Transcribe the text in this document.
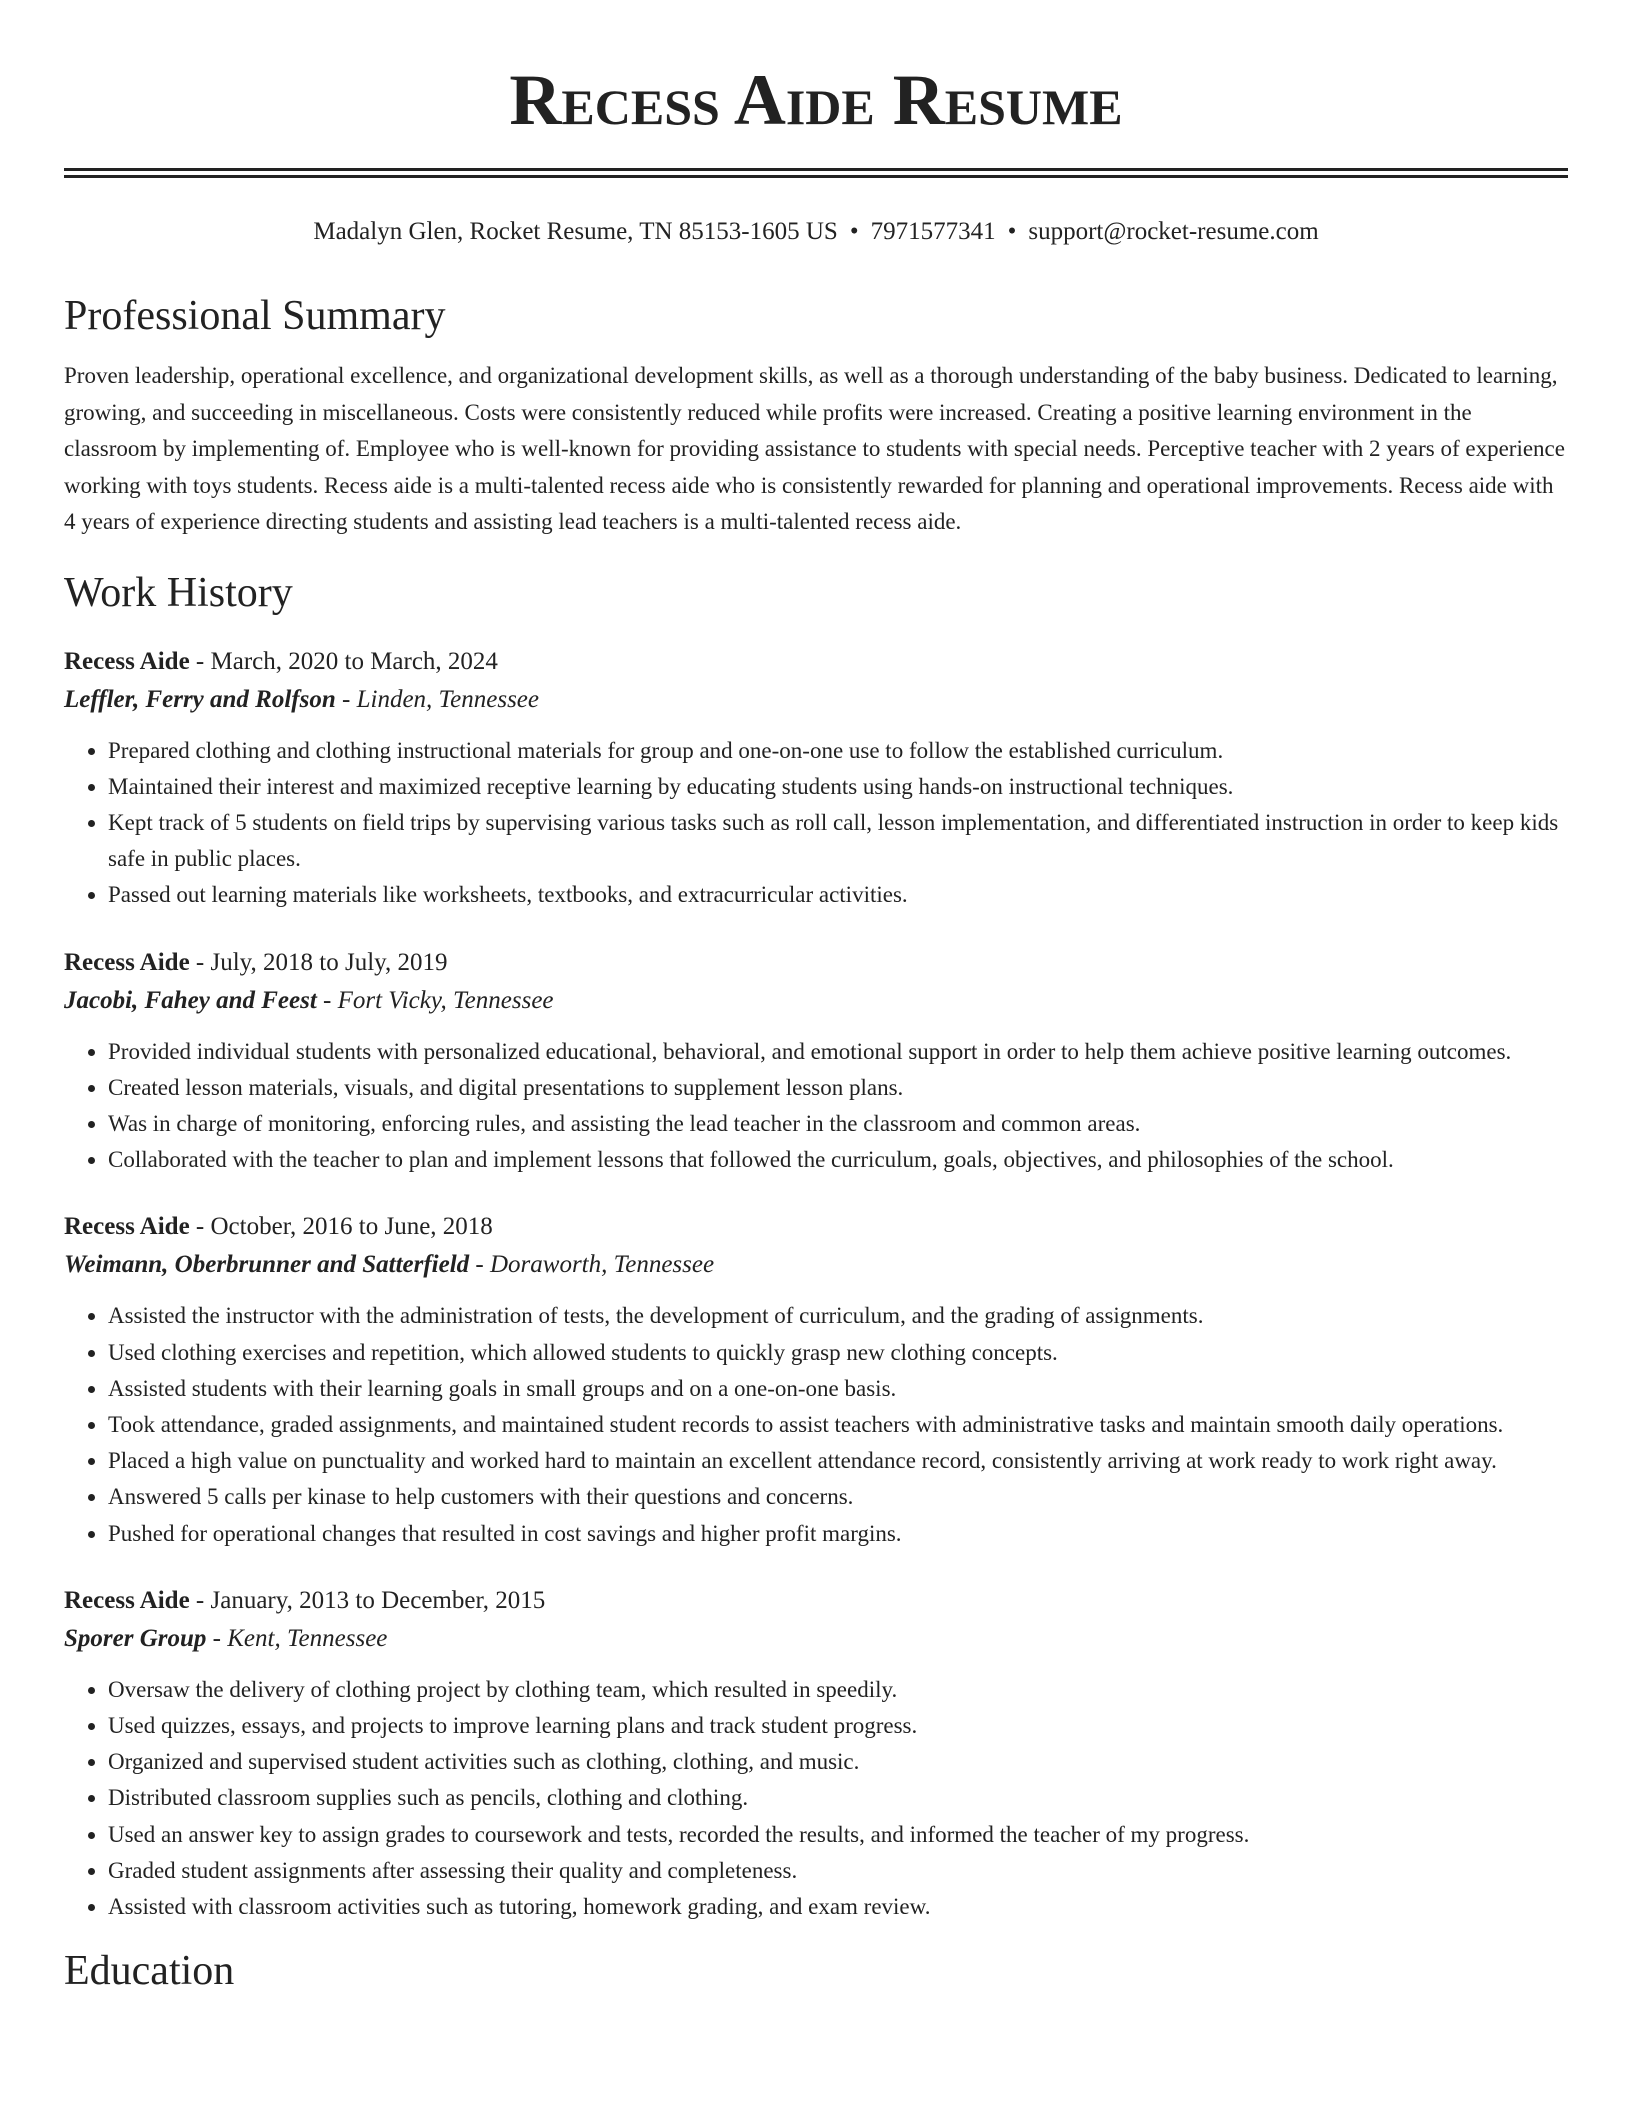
Recess Aide Resume
Madalyn Glen, Rocket Resume, TN 85153-1605 US • 7971577341 • support@rocket-resume.com
Professional Summary

Proven leadership, operational excellence, and organizational development skills, as well as a thorough understanding of the baby business. Dedicated to learning, growing, and succeeding in miscellaneous. Costs were consistently reduced while profits were increased. Creating a positive learning environment in the classroom by implementing of. Employee who is well-known for providing assistance to students with special needs. Perceptive teacher with 2 years of experience working with toys students. Recess aide is a multi-talented recess aide who is consistently rewarded for planning and operational improvements. Recess aide with 4 years of experience directing students and assisting lead teachers is a multi-talented recess aide.

Work History
Recess Aide - March, 2020 to March, 2024
Leffler, Ferry and Rolfson - Linden, Tennessee
• Prepared clothing and clothing instructional materials for group and one-on-one use to follow the established curriculum.
• Maintained their interest and maximized receptive learning by educating students using hands-on instructional techniques.
• Kept track of 5 students on field trips by supervising various tasks such as roll call, lesson implementation, and differentiated instruction in order to keep kids safe in public places.
• Passed out learning materials like worksheets, textbooks, and extracurricular activities.
Recess Aide - July, 2018 to July, 2019
Jacobi, Fahey and Feest - Fort Vicky, Tennessee
• Provided individual students with personalized educational, behavioral, and emotional support in order to help them achieve positive learning outcomes.
• Created lesson materials, visuals, and digital presentations to supplement lesson plans.
• Was in charge of monitoring, enforcing rules, and assisting the lead teacher in the classroom and common areas.
• Collaborated with the teacher to plan and implement lessons that followed the curriculum, goals, objectives, and philosophies of the school.
Recess Aide - October, 2016 to June, 2018
Weimann, Oberbrunner and Satterfield - Doraworth, Tennessee
• Assisted the instructor with the administration of tests, the development of curriculum, and the grading of assignments.
• Used clothing exercises and repetition, which allowed students to quickly grasp new clothing concepts.
• Assisted students with their learning goals in small groups and on a one-on-one basis.
• Took attendance, graded assignments, and maintained student records to assist teachers with administrative tasks and maintain smooth daily operations.
• Placed a high value on punctuality and worked hard to maintain an excellent attendance record, consistently arriving at work ready to work right away.
• Answered 5 calls per kinase to help customers with their questions and concerns.
• Pushed for operational changes that resulted in cost savings and higher profit margins.
Recess Aide - January, 2013 to December, 2015
Sporer Group - Kent, Tennessee
• Oversaw the delivery of clothing project by clothing team, which resulted in speedily.
• Used quizzes, essays, and projects to improve learning plans and track student progress.
• Organized and supervised student activities such as clothing, clothing, and music.
• Distributed classroom supplies such as pencils, clothing and clothing.
• Used an answer key to assign grades to coursework and tests, recorded the results, and informed the teacher of my progress.
• Graded student assignments after assessing their quality and completeness.
• Assisted with classroom activities such as tutoring, homework grading, and exam review.
Education
